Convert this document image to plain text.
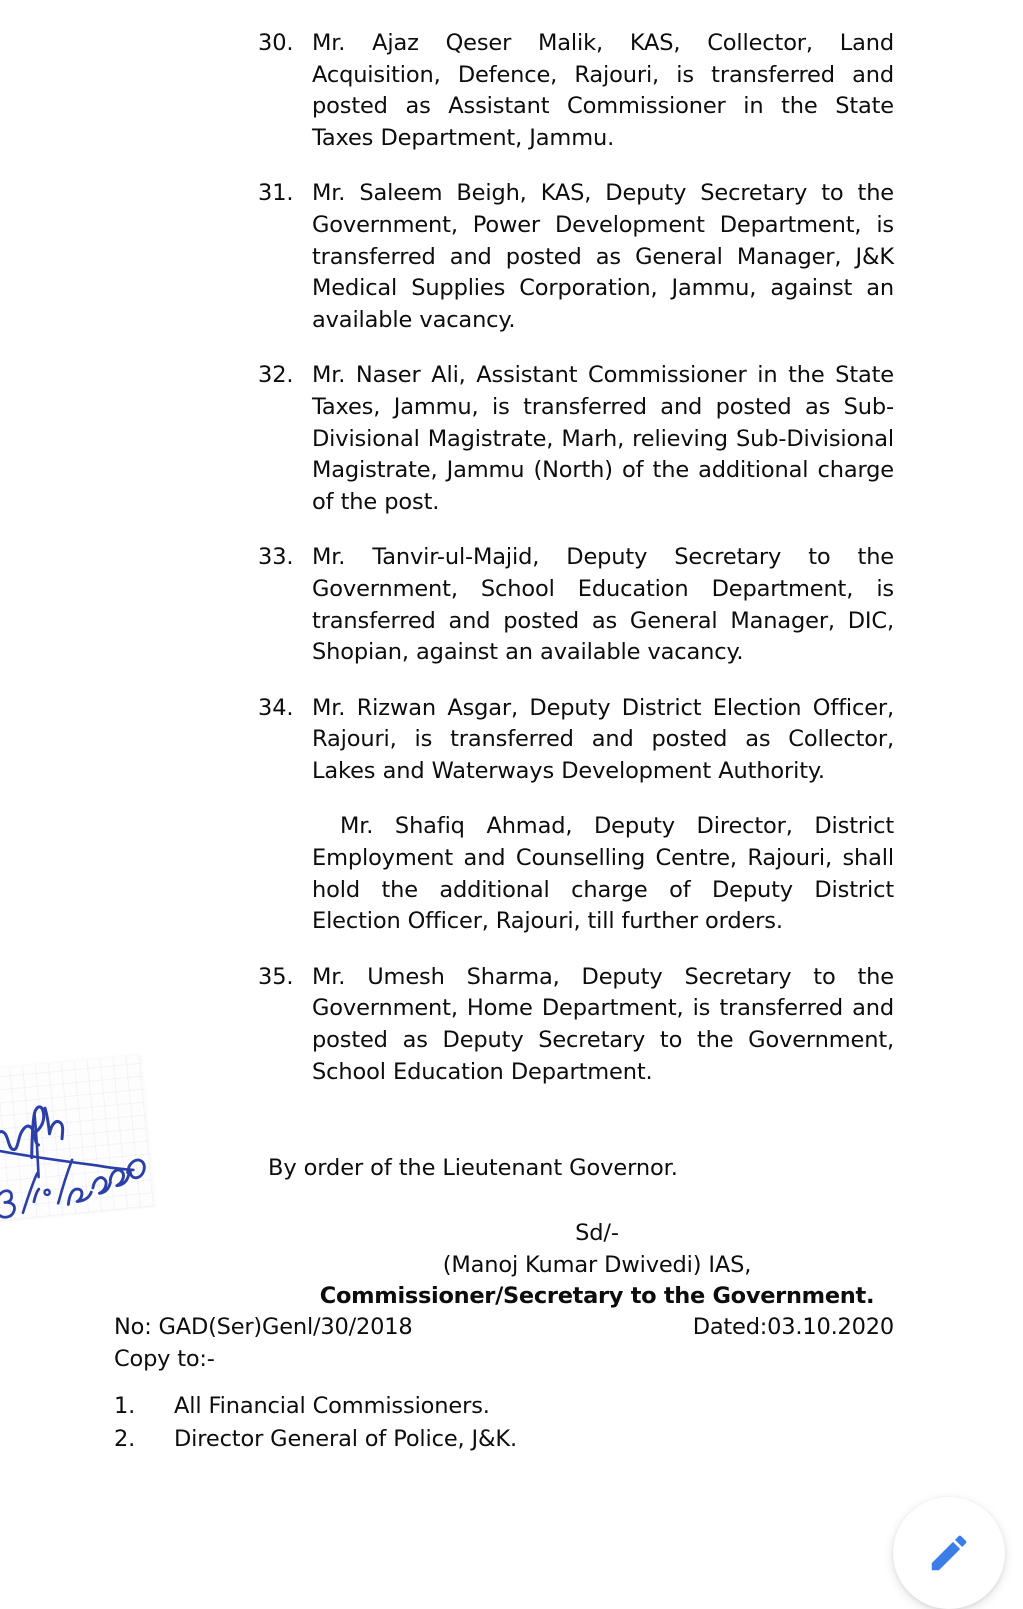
30. Mr. Ajaz Qeser Malik, KAS, Collector, Land Acquisition, Defence, Rajouri, is transferred and posted as Assistant Commissioner in the State Taxes Department, Jammu.
31. Mr. Saleem Beigh, KAS, Deputy Secretary to the Government, Power Development Department, is transferred and posted as General Manager, J&K Medical Supplies Corporation, Jammu, against an available vacancy.
32. Mr. Naser Ali, Assistant Commissioner in the State Taxes, Jammu, is transferred and posted as Sub-Divisional Magistrate, Marh, relieving Sub-Divisional Magistrate, Jammu (North) of the additional charge of the post.
33. Mr. Tanvir-ul-Majid, Deputy Secretary to the Government, School Education Department, is transferred and posted as General Manager, DIC, Shopian, against an available vacancy.
34. Mr. Rizwan Asgar, Deputy District Election Officer, Rajouri, is transferred and posted as Collector, Lakes and Waterways Development Authority.
Mr. Shafiq Ahmad, Deputy Director, District Employment and Counselling Centre, Rajouri, shall hold the additional charge of Deputy District Election Officer, Rajouri, till further orders.
35. Mr. Umesh Sharma, Deputy Secretary to the Government, Home Department, is transferred and posted as Deputy Secretary to the Government, School Education Department.
By order of the Lieutenant Governor.
Sd/-
(Manoj Kumar Dwivedi) IAS,
Commissioner/Secretary to the Government.
No: GAD(Ser)Genl/30/2018	Dated:03.10.2020
Copy to:-
1.	All Financial Commissioners.
2.	Director General of Police, J&K.
